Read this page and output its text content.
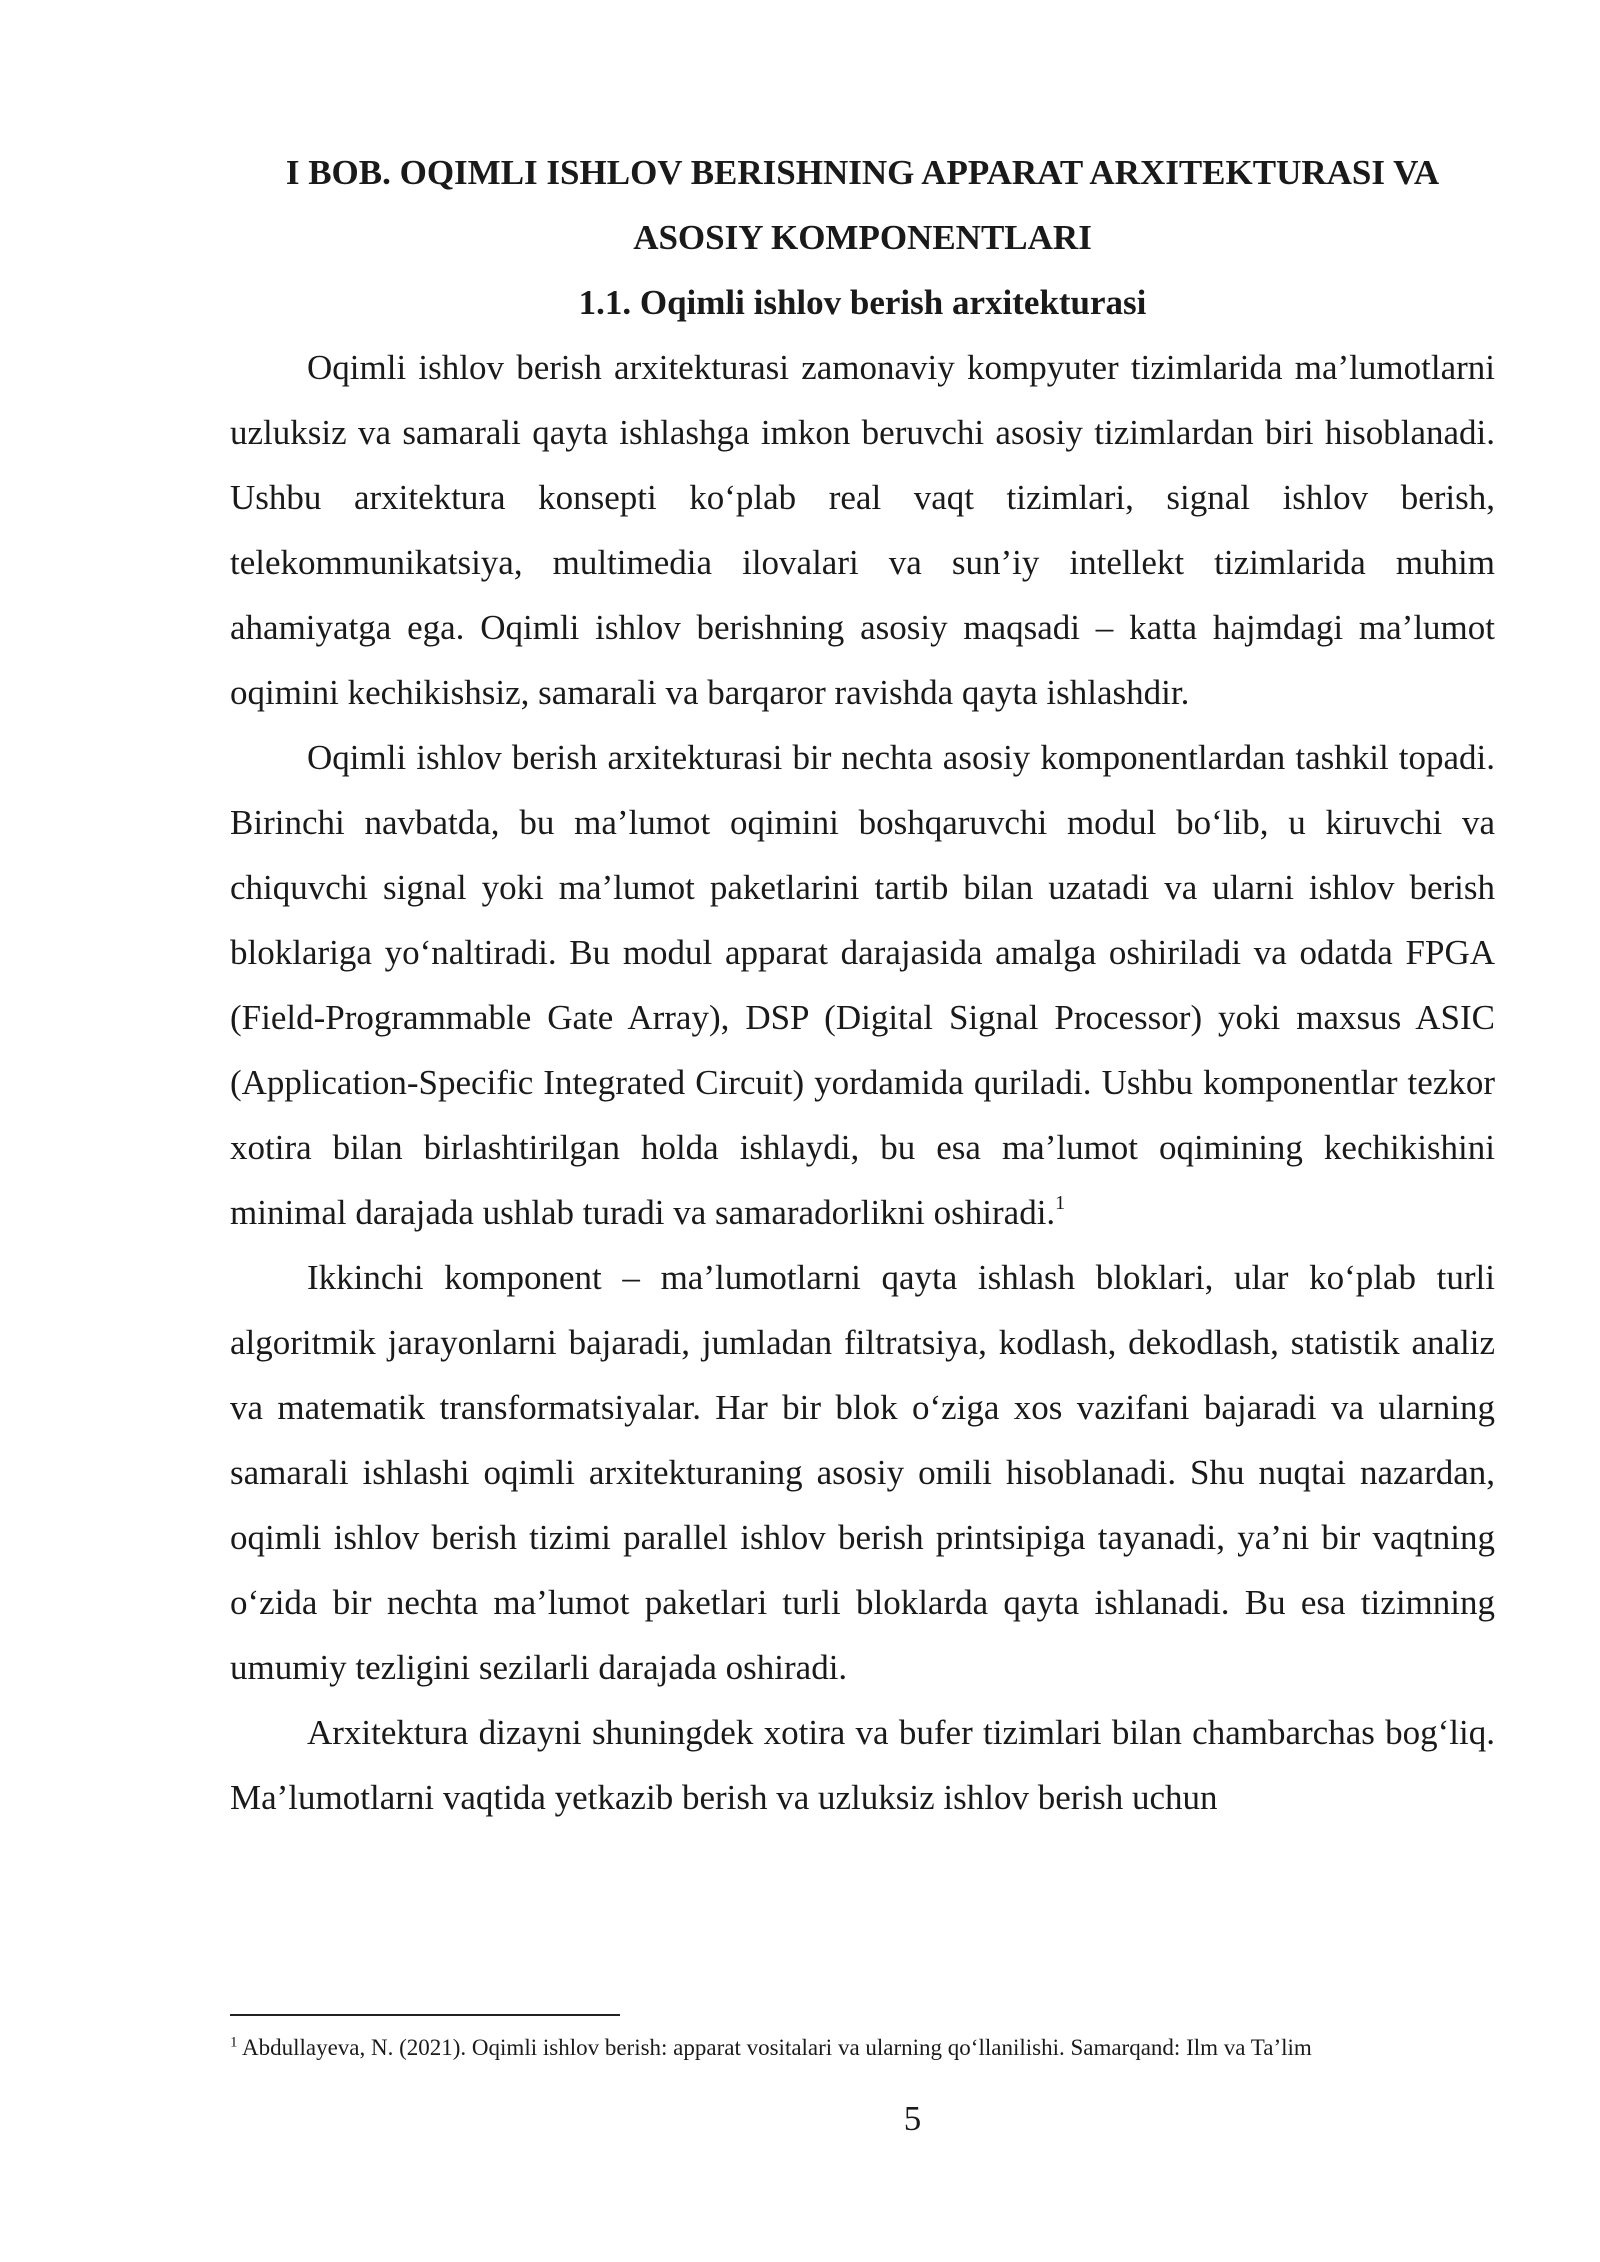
I BOB. OQIMLI ISHLOV BERISHNING APPARAT ARXITEKTURASI VA
ASOSIY KOMPONENTLARI

1.1. Oqimli ishlov berish arxitekturasi

Oqimli ishlov berish arxitekturasi zamonaviy kompyuter tizimlarida ma’lumotlarni uzluksiz va samarali qayta ishlashga imkon beruvchi asosiy tizimlardan biri hisoblanadi. Ushbu arxitektura konsepti ko‘plab real vaqt tizimlari, signal ishlov berish, telekommunikatsiya, multimedia ilovalari va sun’iy intellekt tizimlarida muhim ahamiyatga ega. Oqimli ishlov berishning asosiy maqsadi – katta hajmdagi ma’lumot oqimini kechikishsiz, samarali va barqaror ravishda qayta ishlashdir.

Oqimli ishlov berish arxitekturasi bir nechta asosiy komponentlardan tashkil topadi. Birinchi navbatda, bu ma’lumot oqimini boshqaruvchi modul bo‘lib, u kiruvchi va chiquvchi signal yoki ma’lumot paketlarini tartib bilan uzatadi va ularni ishlov berish bloklariga yo‘naltiradi. Bu modul apparat darajasida amalga oshiriladi va odatda FPGA (Field-Programmable Gate Array), DSP (Digital Signal Processor) yoki maxsus ASIC (Application-Specific Integrated Circuit) yordamida quriladi. Ushbu komponentlar tezkor xotira bilan birlashtirilgan holda ishlaydi, bu esa ma’lumot oqimining kechikishini minimal darajada ushlab turadi va samaradorlikni oshiradi.$^1$

Ikkinchi komponent – ma’lumotlarni qayta ishlash bloklari, ular ko‘plab turli algoritmik jarayonlarni bajaradi, jumladan filtratsiya, kodlash, dekodlash, statistik analiz va matematik transformatsiyalar. Har bir blok o‘ziga xos vazifani bajaradi va ularning samarali ishlashi oqimli arxitekturaning asosiy omili hisoblanadi. Shu nuqtai nazardan, oqimli ishlov berish tizimi parallel ishlov berish printsipiga tayanadi, ya’ni bir vaqtning o‘zida bir nechta ma’lumot paketlari turli bloklarda qayta ishlanadi. Bu esa tizimning umumiy tezligini sezilarli darajada oshiradi.

Arxitektura dizayni shuningdek xotira va bufer tizimlari bilan chambarchas bog‘liq. Ma’lumotlarni vaqtida yetkazib berish va uzluksiz ishlov berish uchun

$^1$ Abdullayeva, N. (2021). Oqimli ishlov berish: apparat vositalari va ularning qo‘llanilishi. Samarqand: Ilm va Ta’lim

5
